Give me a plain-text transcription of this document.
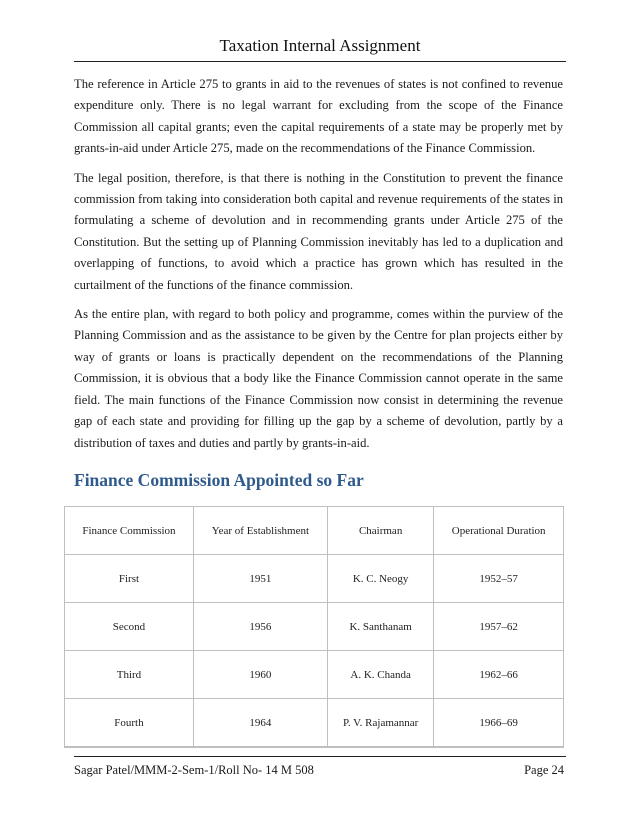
Taxation Internal Assignment

The reference in Article 275 to grants in aid to the revenues of states is not confined to revenue expenditure only. There is no legal warrant for excluding from the scope of the Finance Commission all capital grants; even the capital requirements of a state may be properly met by grants-in-aid under Article 275, made on the recommendations of the Finance Commission.

The legal position, therefore, is that there is nothing in the Constitution to prevent the finance commission from taking into consideration both capital and revenue requirements of the states in formulating a scheme of devolution and in recommending grants under Article 275 of the Constitution. But the setting up of Planning Commission inevitably has led to a duplication and overlapping of functions, to avoid which a practice has grown which has resulted in the curtailment of the functions of the finance commission.

As the entire plan, with regard to both policy and programme, comes within the purview of the Planning Commission and as the assistance to be given by the Centre for plan projects either by way of grants or loans is practically dependent on the recommendations of the Planning Commission, it is obvious that a body like the Finance Commission cannot operate in the same field. The main functions of the Finance Commission now consist in determining the revenue gap of each state and providing for filling up the gap by a scheme of devolution, partly by a distribution of taxes and duties and partly by grants-in-aid.

Finance Commission Appointed so Far
Finance Commission	Year of Establishment	Chairman	Operational Duration
First	1951	K. C. Neogy	1952–57
Second	1956	K. Santhanam	1957–62
Third	1960	A. K. Chanda	1962–66
Fourth	1964	P. V. Rajamannar	1966–69
Sagar Patel/MMM-2-Sem-1/Roll No- 14 M 508	Page 24
